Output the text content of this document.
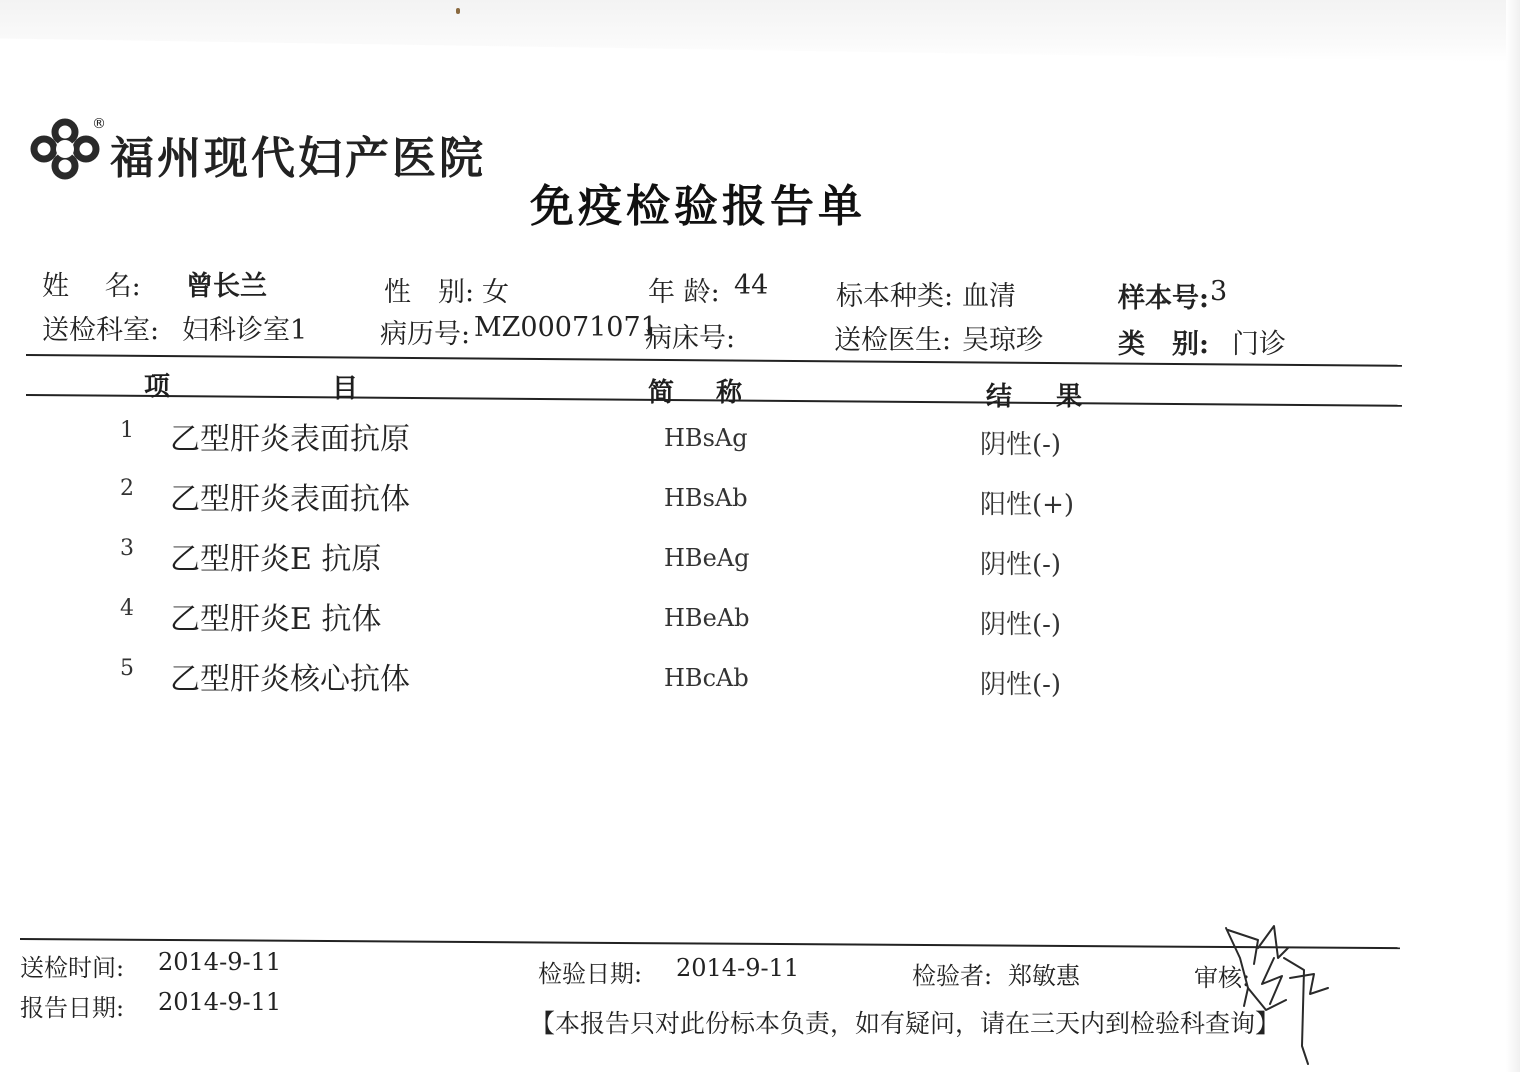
®
福州现代妇产医院
免疫检验报告单
姓　 名: 曾长兰	性　别: 女	年 龄: 44	标本种类: 血清	样本号: 3
送检科室: 妇科诊室1	病历号: MZ00071071
病床号:	送检医生: 吴琼珍	类　别: 门诊
项	目	简 称	结 果
1 乙型肝炎表面抗原	HBsAg	阴性(-)
2 乙型肝炎表面抗体	HBsAb	阳性(+)
3 乙型肝炎E 抗原	HBeAg	阴性(-)
4 乙型肝炎E 抗体	HBeAb	阴性(-)
5 乙型肝炎核心抗体	HBcAb	阴性(-)
送检时间: 2014-9-11
报告日期: 2014-9-11
检验日期: 2014-9-11	检验者: 郑敏惠	审核:
【本报告只对此份标本负责，如有疑问，请在三天内到检验科查询】
